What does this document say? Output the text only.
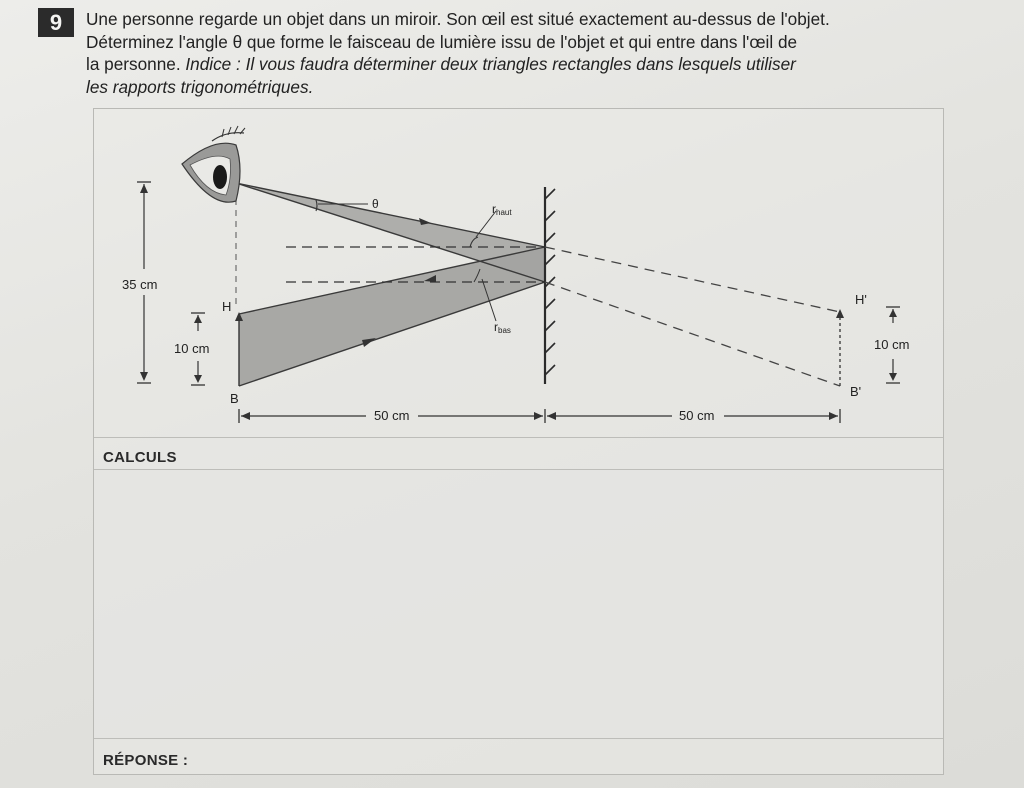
9	Une personne regarde un objet dans un miroir. Son œil est situé exactement au-dessus de l'objet.
Déterminez l'angle θ que forme le faisceau de lumière issu de l'objet et qui entre dans l'œil de
la personne. Indice : Il vous faudra déterminer deux triangles rectangles dans lesquels utiliser
les rapports trigonométriques.
θ	rhaut
rbas
35 cm
10 cm
H
B
10 cm
H'
B'
50 cm	50 cm
CALCULS
RÉPONSE :
